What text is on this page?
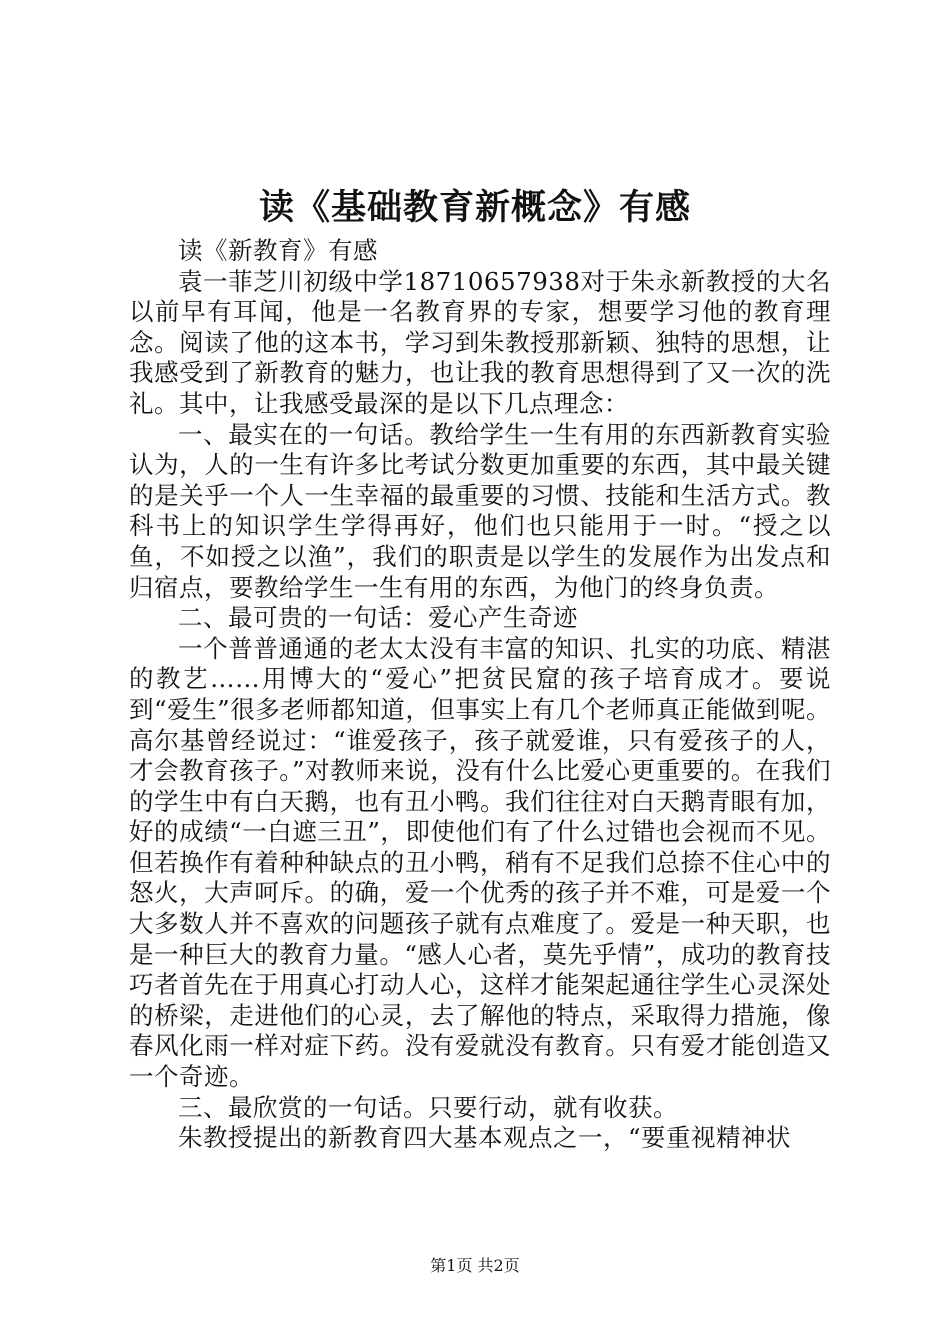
读《基础教育新概念》有感

读《新教育》有感

袁一菲芝川初级中学18710657938对于朱永新教授的大名以前早有耳闻，他是一名教育界的专家，想要学习他的教育理念。阅读了他的这本书，学习到朱教授那新颖、独特的思想，让我感受到了新教育的魅力，也让我的教育思想得到了又一次的洗礼。其中，让我感受最深的是以下几点理念：

一、最实在的一句话。教给学生一生有用的东西新教育实验认为，人的一生有许多比考试分数更加重要的东西，其中最关键的是关乎一个人一生幸福的最重要的习惯、技能和生活方式。教科书上的知识学生学得再好，他们也只能用于一时。“授之以鱼，不如授之以渔”，我们的职责是以学生的发展作为出发点和归宿点，要教给学生一生有用的东西，为他门的终身负责。

二、最可贵的一句话：爱心产生奇迹

一个普普通通的老太太没有丰富的知识、扎实的功底、精湛的教艺……用博大的“爱心”把贫民窟的孩子培育成才。要说到“爱生”很多老师都知道，但事实上有几个老师真正能做到呢。高尔基曾经说过：“谁爱孩子，孩子就爱谁，只有爱孩子的人，才会教育孩子。”对教师来说，没有什么比爱心更重要的。在我们的学生中有白天鹅，也有丑小鸭。我们往往对白天鹅青眼有加，好的成绩“一白遮三丑”，即使他们有了什么过错也会视而不见。但若换作有着种种缺点的丑小鸭，稍有不足我们总捺不住心中的怒火，大声呵斥。的确，爱一个优秀的孩子并不难，可是爱一个大多数人并不喜欢的问题孩子就有点难度了。爱是一种天职，也是一种巨大的教育力量。“感人心者，莫先乎情”，成功的教育技巧者首先在于用真心打动人心，这样才能架起通往学生心灵深处的桥梁，走进他们的心灵，去了解他的特点，采取得力措施，像春风化雨一样对症下药。没有爱就没有教育。只有爱才能创造又一个奇迹。

三、最欣赏的一句话。只要行动，就有收获。

朱教授提出的新教育四大基本观点之一，“要重视精神状

第1页 共2页
